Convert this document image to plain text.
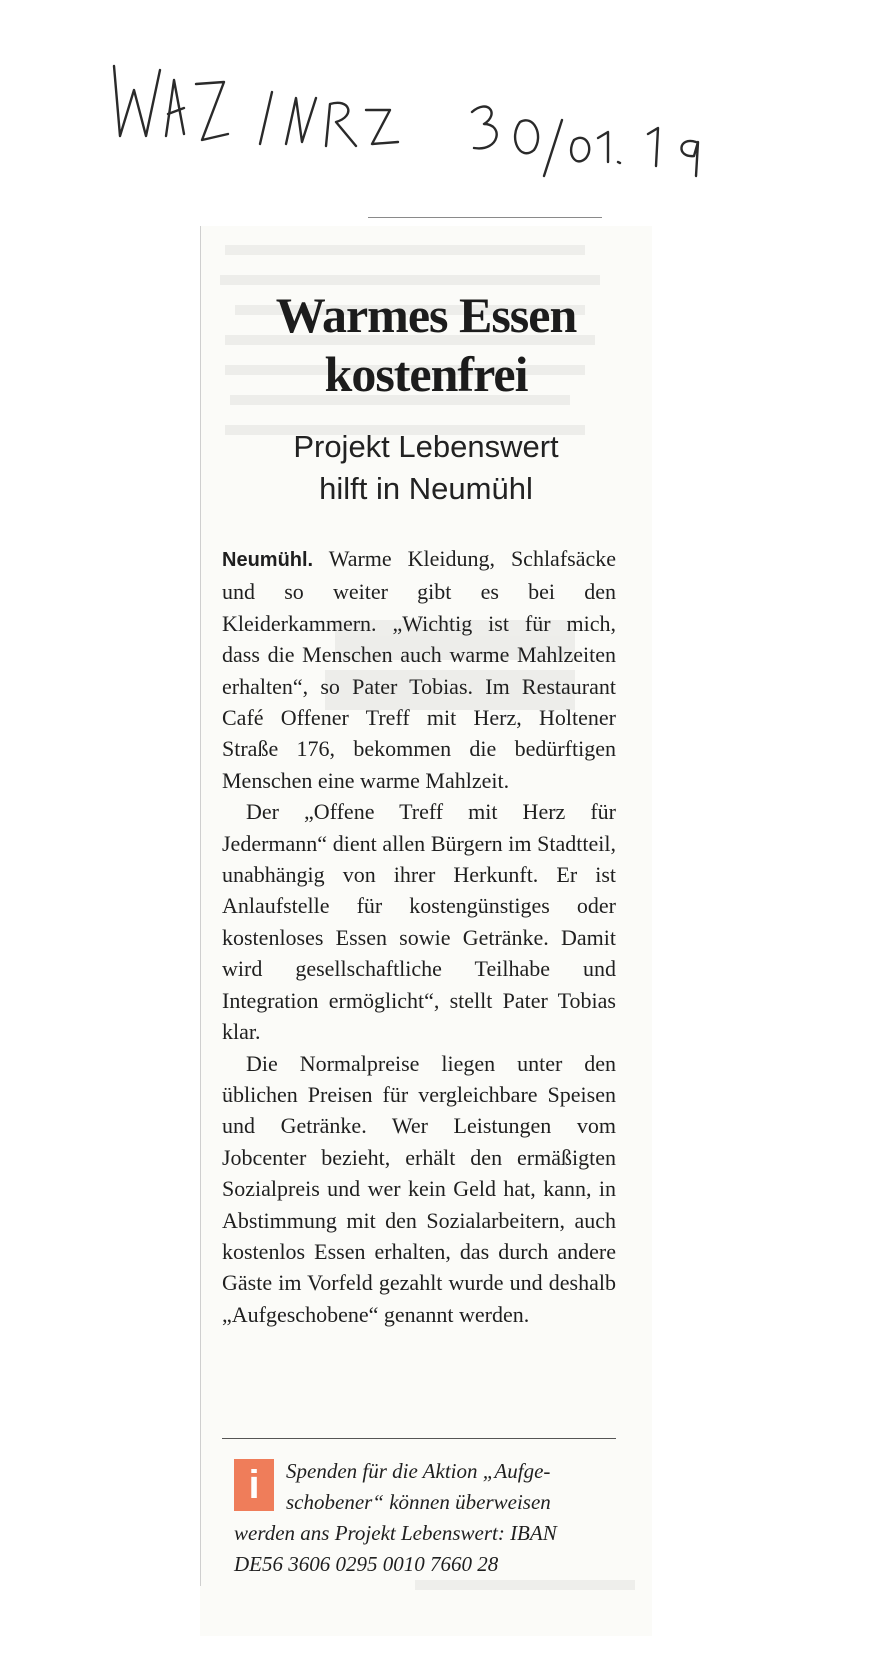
Warmes Essen
kostenfrei
Projekt Lebenswert
hilft in Neumühl

Neumühl. Warme Kleidung, Schlafsäcke und so weiter gibt es bei den Kleiderkammern. „Wichtig ist für mich, dass die Menschen auch warme Mahlzeiten erhalten“, so Pater Tobias. Im Restaurant Café Offener Treff mit Herz, Holtener Straße 176, bekommen die bedürftigen Menschen eine warme Mahlzeit.

Der „Offene Treff mit Herz für Jedermann“ dient allen Bürgern im Stadtteil, unabhängig von ihrer Herkunft. Er ist Anlaufstelle für kostengünstiges oder kostenloses Essen sowie Getränke. Damit wird gesellschaftliche Teilhabe und Integration ermöglicht“, stellt Pater Tobias klar.

Die Normalpreise liegen unter den üblichen Preisen für vergleichbare Speisen und Getränke. Wer Leistungen vom Jobcenter bezieht, erhält den ermäßigten Sozialpreis und wer kein Geld hat, kann, in Abstimmung mit den Sozialarbeitern, auch kostenlos Essen erhalten, das durch andere Gäste im Vorfeld gezahlt wurde und deshalb „Aufgeschobene“ genannt werden.

i	Spenden für die Aktion „Aufge-
schobener“ können überweisen
werden ans Projekt Lebenswert: IBAN
DE56 3606 0295 0010 7660 28
